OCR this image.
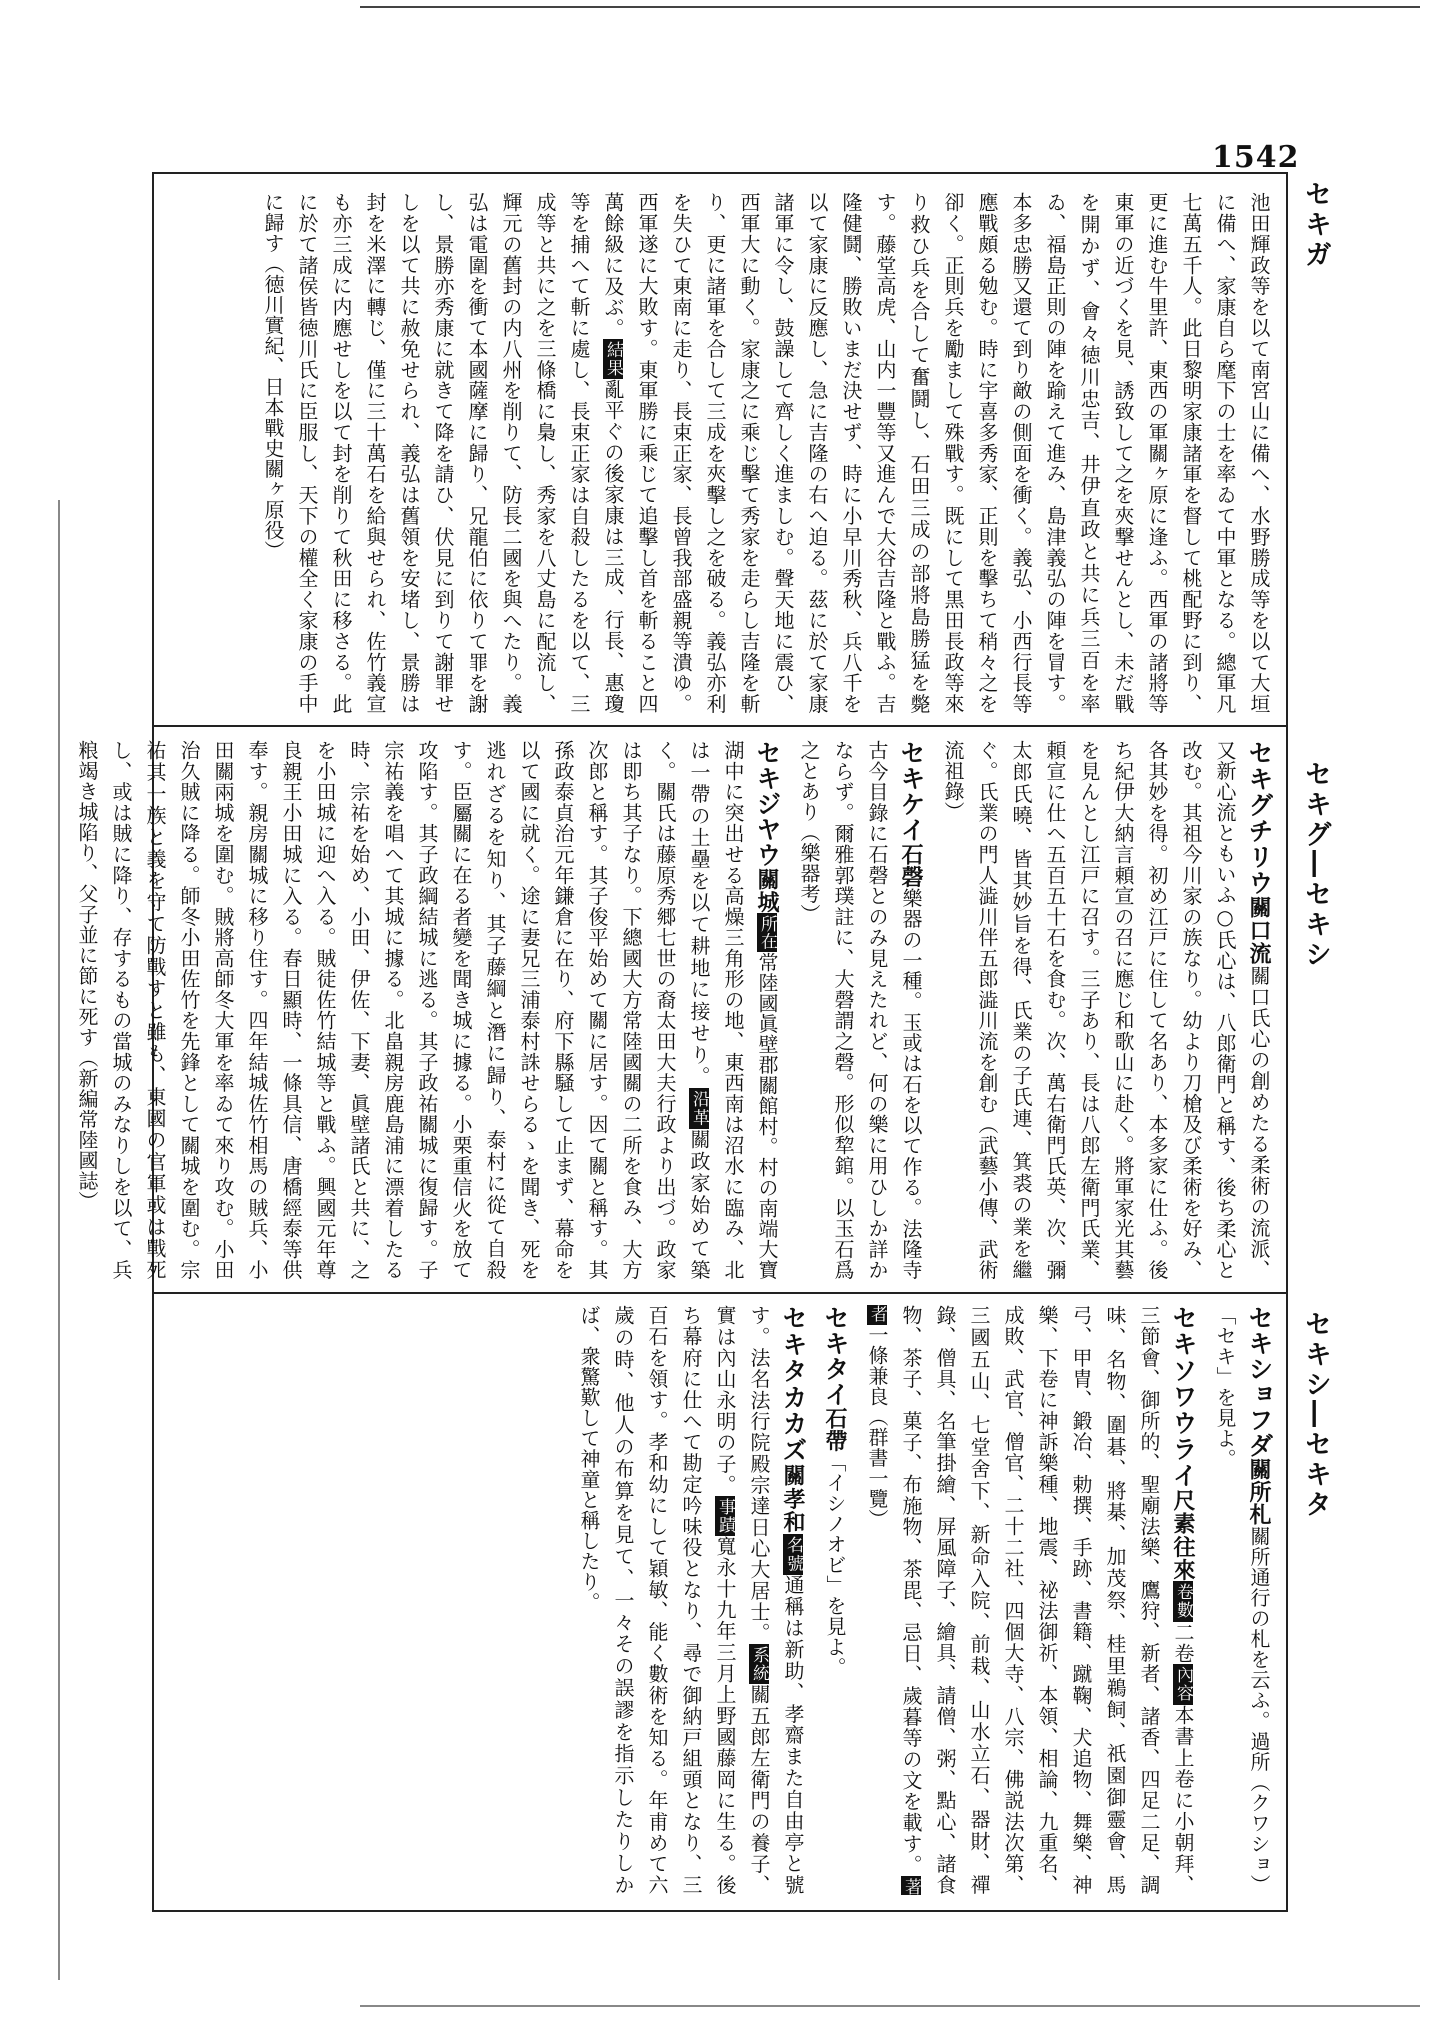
1542
セキガ
セキグ―セキシ
セキシ―セキタ
池田輝政等を以て南宮山に備へ、水野勝成等を以て大垣に備へ、家康自ら麾下の士を率ゐて中軍となる。總軍凡七萬五千人。此日黎明家康諸軍を督して桃配野に到り、更に進む牛里許、東西の軍關ヶ原に逢ふ。西軍の諸將等東軍の近づくを見、誘致して之を夾撃せんとし、未だ戰を開かず、會々徳川忠吉、井伊直政と共に兵三百を率ゐ、福島正則の陣を踰えて進み、島津義弘の陣を冒す。本多忠勝又還て到り敵の側面を衝く。義弘、小西行長等應戰頗る勉む。時に宇喜多秀家、正則を擊ちて稍々之を卻く。正則兵を勵まして殊戰す。既にして黒田長政等來り救ひ兵を合して奮鬪し、石田三成の部將島勝猛を斃す。藤堂高虎、山内一豐等又進んで大谷吉隆と戰ふ。吉隆健鬪、勝敗いまだ決せず、時に小早川秀秋、兵八千を以て家康に反應し、急に吉隆の右へ迫る。茲に於て家康諸軍に令し、鼓譟して齊しく進ましむ。聲天地に震ひ、西軍大に動く。家康之に乘じ擊て秀家を走らし吉隆を斬り、更に諸軍を合して三成を夾擊し之を破る。義弘亦利を失ひて東南に走り、長束正家、長曾我部盛親等潰ゆ。西軍遂に大敗す。東軍勝に乘じて追擊し首を斬ること四萬餘級に及ぶ。結果亂平ぐの後家康は三成、行長、惠瓊等を捕へて斬に處し、長束正家は自殺したるを以て、三成等と共に之を三條橋に梟し、秀家を八丈島に配流し、輝元の舊封の内八州を削りて、防長二國を與へたり。義弘は電圍を衝て本國薩摩に歸り、兄龍伯に依りて罪を謝し、景勝亦秀康に就きて降を請ひ、伏見に到りて謝罪せしを以て共に赦免せられ、義弘は舊領を安堵し、景勝は封を米澤に轉じ、僅に三十萬石を給與せられ、佐竹義宣も亦三成に内應せしを以て封を削りて秋田に移さる。此に於て諸侯皆徳川氏に臣服し、天下の權全く家康の手中に歸す（徳川實紀、日本戰史關ヶ原役）
セキグチリウ關口流關口氏心の創めたる柔術の流派、又新心流ともいふ○氏心は、八郎衛門と稱す、後ち柔心と改む。其祖今川家の族なり。幼より刀槍及び柔術を好み、各其妙を得。初め江戸に住して名あり、本多家に仕ふ。後ち紀伊大納言頼宣の召に應じ和歌山に赴く。將軍家光其藝を見んとし江戸に召す。三子あり、長は八郎左衛門氏業、頼宣に仕へ五百五十石を食む。次、萬右衛門氏英、次、彌太郎氏曉、皆其妙旨を得、氏業の子氏連、箕裘の業を繼ぐ。氏業の門人澁川伴五郎澁川流を創む（武藝小傳、武術流祖錄）
セキケイ石磬樂器の一種。玉或は石を以て作る。法隆寺古今目錄に石磬とのみ見えたれど、何の樂に用ひしか詳かならず。爾雅郭璞註に、大磬謂之磬。形似犂錧。以玉石爲之とあり（樂器考）
セキジヤウ關城所在常陸國眞壁郡關館村。村の南端大寶湖中に突出せる高燥三角形の地、東西南は沼水に臨み、北は一帶の土壘を以て耕地に接せり。沿革關政家始めて築く。關氏は藤原秀郷七世の裔太田大夫行政より出づ。政家は即ち其子なり。下總國大方常陸國關の二所を食み、大方次郎と稱す。其子俊平始めて關に居す。因て關と稱す。其孫政泰貞治元年鎌倉に在り、府下縣騒して止まず、幕命を以て國に就く。途に妻兄三浦泰村誅せらるゝを聞き、死を逃れざるを知り、其子藤綱と潛に歸り、泰村に從て自殺す。臣屬關に在る者變を聞き城に據る。小栗重信火を放て攻陷す。其子政綱結城に逃る。其子政祐關城に復歸す。子宗祐義を唱へて其城に據る。北畠親房鹿島浦に漂着したる時、宗祐を始め、小田、伊佐、下妻、眞壁諸氏と共に、之を小田城に迎へ入る。賊徒佐竹結城等と戰ふ。興國元年尊良親王小田城に入る。春日顯時、一條具信、唐橋經泰等供奉す。親房關城に移り住す。四年結城佐竹相馬の賊兵、小田關兩城を圍む。賊將高師冬大軍を率ゐて來り攻む。小田治久賊に降る。師冬小田佐竹を先鋒として關城を圍む。宗祐其一族と義を守て防戰すと雖も、東國の官軍或は戰死し、或は賊に降り、存するもの當城のみなりしを以て、兵粮竭き城陷り、父子並に節に死す（新編常陸國誌）
セキショフダ關所札關所通行の札を云ふ。過所（クワショ）「セキ」を見よ。
セキソワウライ尺素往來卷數二卷內容本書上卷に小朝拜、三節會、御所的、聖廟法樂、鷹狩、新者、諸香、四足二足、調味、名物、圍碁、將棊、加茂祭、桂里鵜飼、祇園御靈會、馬弓、甲胄、鍛冶、勅撰、手跡、書籍、蹴鞠、犬追物、舞樂、神樂、下卷に神訴樂種、地震、祕法御祈、本領、相論、九重名、成敗、武官、僧官、二十二社、四個大寺、八宗、佛説法次第、三國五山、七堂舍下、新命入院、前栽、山水立石、器財、禪錄、僧具、名筆掛繪、屏風障子、繪具、請僧、粥、點心、諸食物、茶子、菓子、布施物、茶毘、忌日、歲暮等の文を載す。著者一條兼良（群書一覽）
セキタイ石帶「イシノオビ」を見よ。
セキタカカズ關孝和名號通稱は新助、孝齋また自由亭と號す。法名法行院殿宗達日心大居士。系統關五郎左衛門の養子、實は內山永明の子。事蹟寬永十九年三月上野國藤岡に生る。後ち幕府に仕へて勘定吟味役となり、尋で御納戸組頭となり、三百石を領す。孝和幼にして穎敏、能く數術を知る。年甫めて六歲の時、他人の布算を見て、一々その誤謬を指示したりしかば、衆驚歎して神童と稱したり。
